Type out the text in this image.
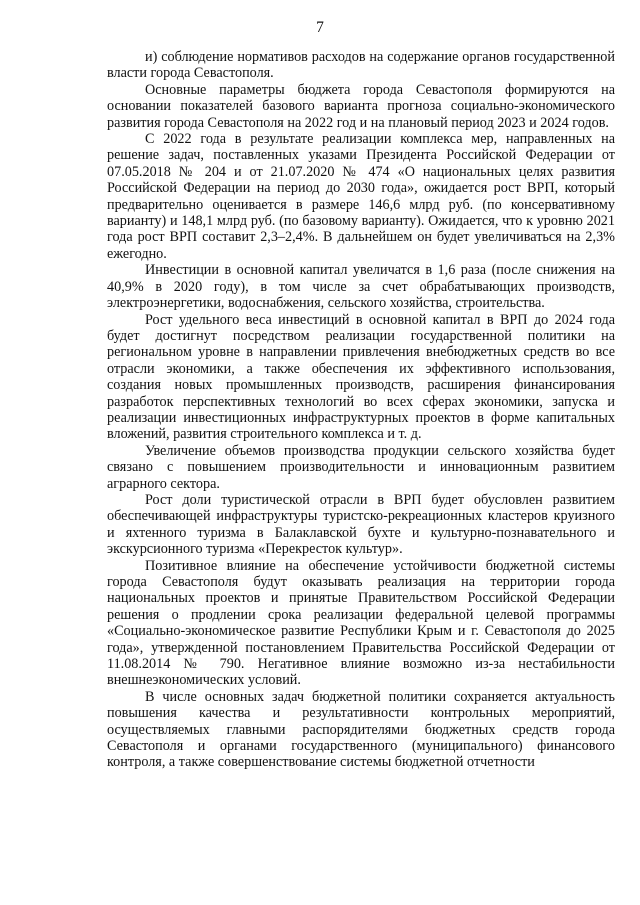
7

и) соблюдение нормативов расходов на содержание органов государственной власти города Севастополя.

Основные параметры бюджета города Севастополя формируются на основании показателей базового варианта прогноза социально-экономического развития города Севастополя на 2022 год и на плановый период 2023 и 2024 годов.

С 2022 года в результате реализации комплекса мер, направленных на решение задач, поставленных указами Президента Российской Федерации от 07.05.2018 № 204 и от 21.07.2020 № 474 «О национальных целях развития Российской Федерации на период до 2030 года», ожидается рост ВРП, который предварительно оценивается в размере 146,6 млрд руб. (по консервативному варианту) и 148,1 млрд руб. (по базовому варианту). Ожидается, что к уровню 2021 года рост ВРП составит 2,3–2,4%. В дальнейшем он будет увеличиваться на 2,3% ежегодно.

Инвестиции в основной капитал увеличатся в 1,6 раза (после снижения на 40,9% в 2020 году), в том числе за счет обрабатывающих производств, электроэнергетики, водоснабжения, сельского хозяйства, строительства.

Рост удельного веса инвестиций в основной капитал в ВРП до 2024 года будет достигнут посредством реализации государственной политики на региональном уровне в направлении привлечения внебюджетных средств во все отрасли экономики, а также обеспечения их эффективного использования, создания новых промышленных производств, расширения финансирования разработок перспективных технологий во всех сферах экономики, запуска и реализации инвестиционных инфраструктурных проектов в форме капитальных вложений, развития строительного комплекса и т. д.

Увеличение объемов производства продукции сельского хозяйства будет связано с повышением производительности и инновационным развитием аграрного сектора.

Рост доли туристической отрасли в ВРП будет обусловлен развитием обеспечивающей инфраструктуры туристско-рекреационных кластеров круизного и яхтенного туризма в Балаклавской бухте и культурно-познавательного и экскурсионного туризма «Перекресток культур».

Позитивное влияние на обеспечение устойчивости бюджетной системы города Севастополя будут оказывать реализация на территории города национальных проектов и принятые Правительством Российской Федерации решения о продлении срока реализации федеральной целевой программы «Социально-экономическое развитие Республики Крым и г. Севастополя до 2025 года», утвержденной постановлением Правительства Российской Федерации от 11.08.2014 № 790. Негативное влияние возможно из-за нестабильности внешнеэкономических условий.

В числе основных задач бюджетной политики сохраняется актуальность повышения качества и результативности контрольных мероприятий, осуществляемых главными распорядителями бюджетных средств города Севастополя и органами государственного (муниципального) финансового контроля, а также совершенствование системы бюджетной отчетности
